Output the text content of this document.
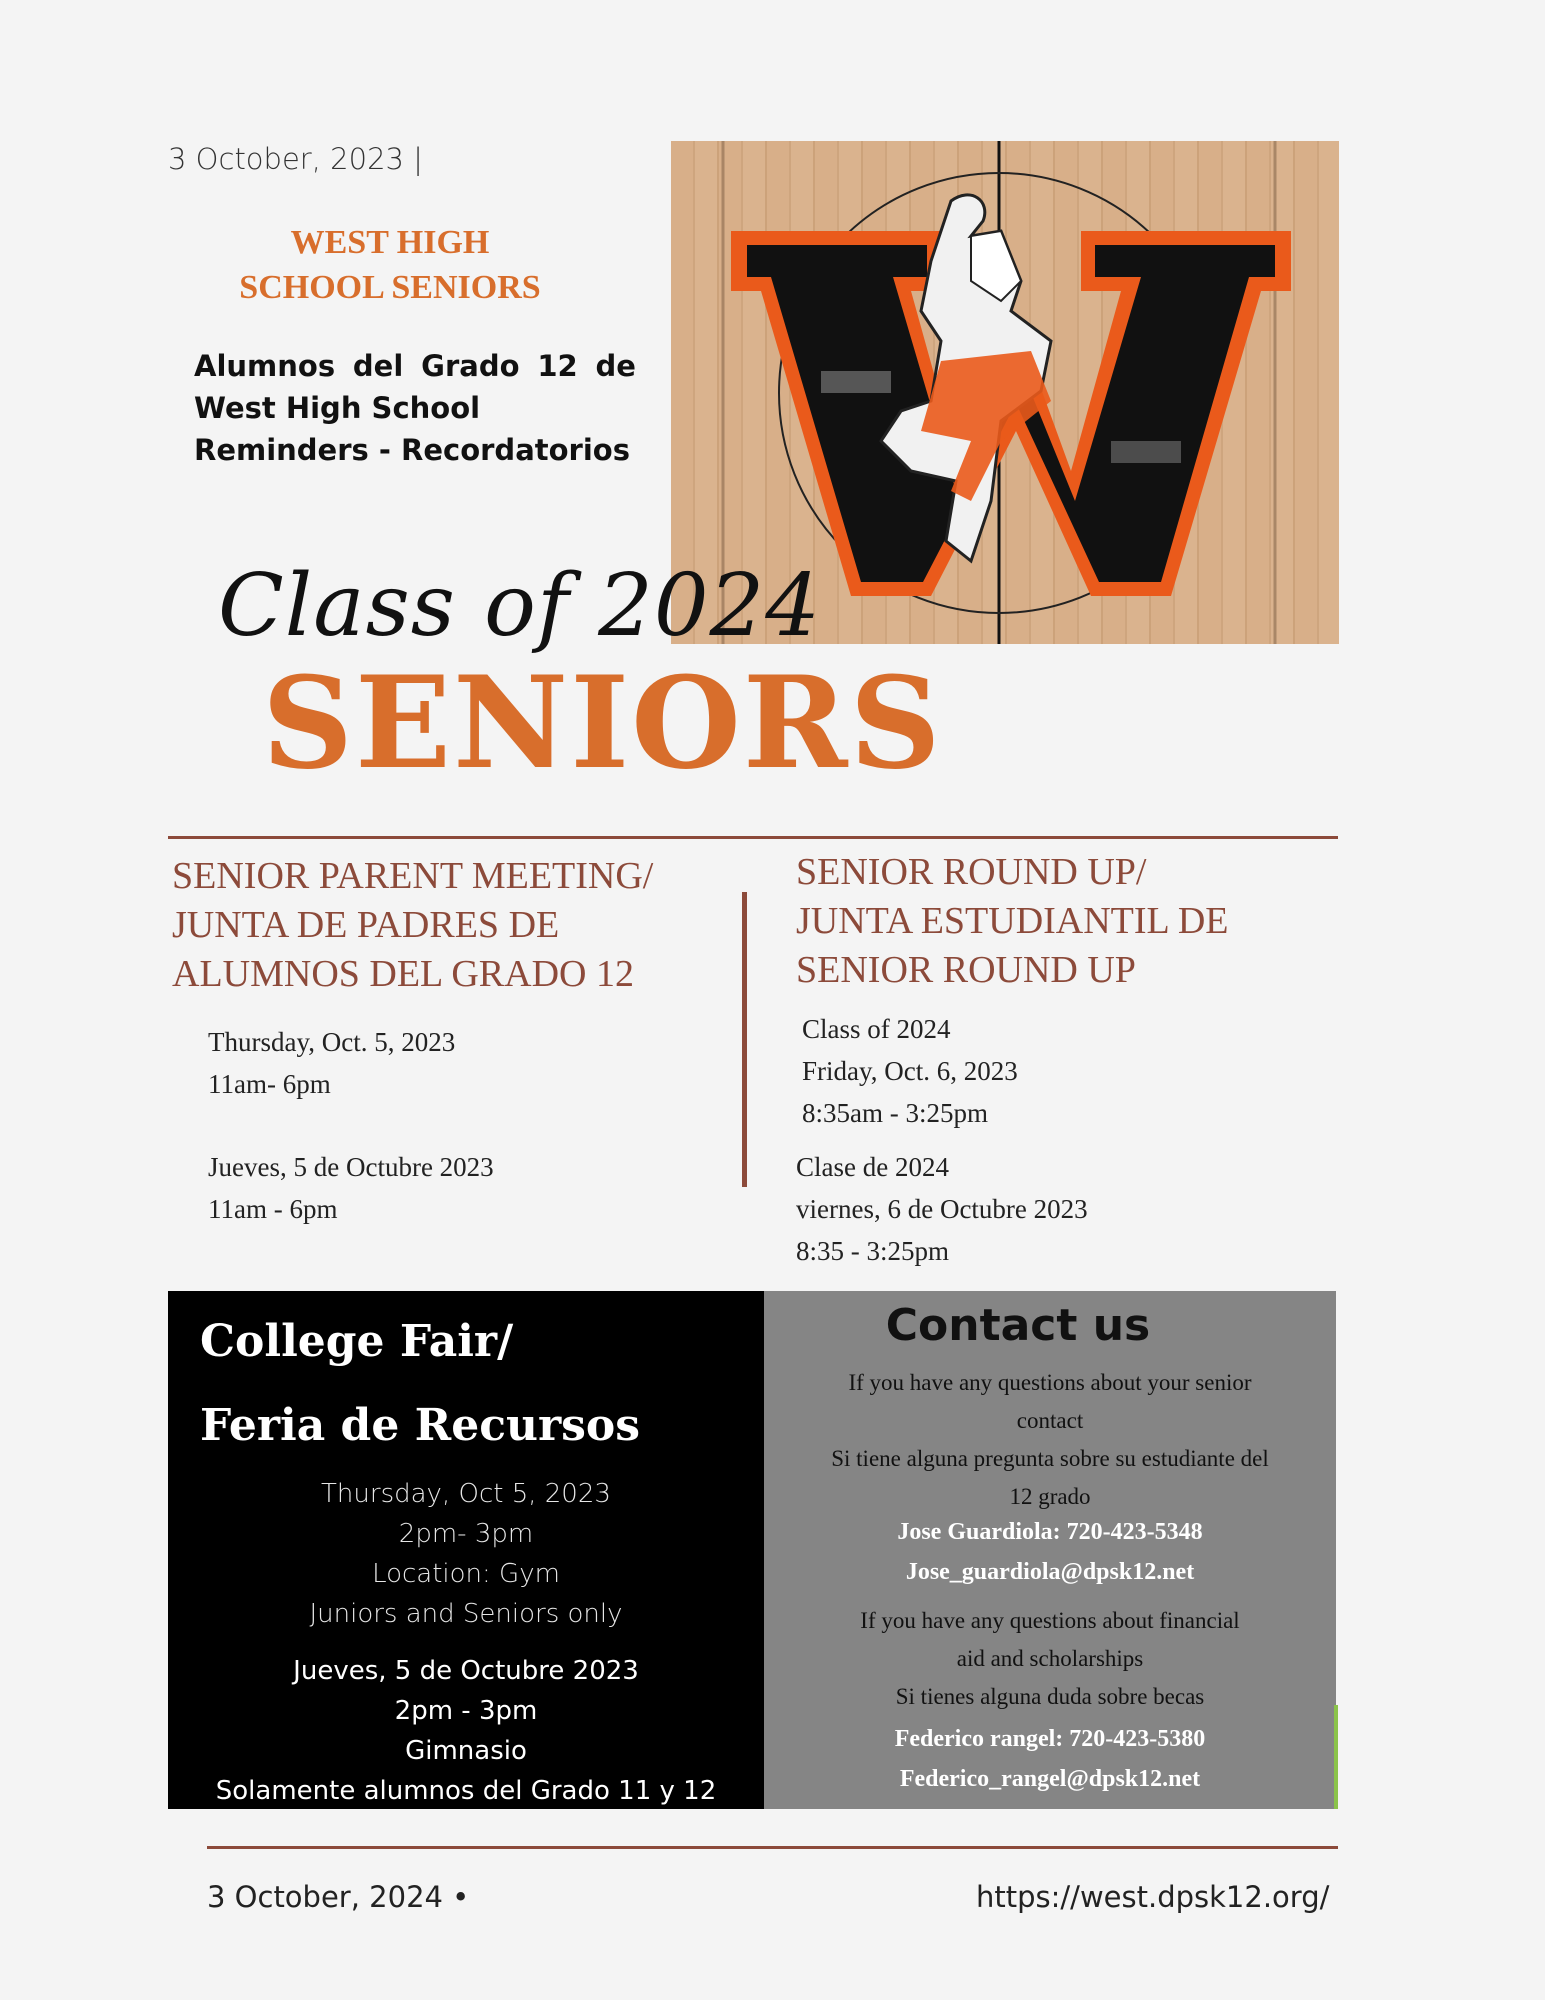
3 October, 2023 |
WEST HIGH
SCHOOL SENIORS
Alumnos del Grado 12 de
West High School
Reminders - Recordatorios
Class of 2024
SENIORS
SENIOR PARENT MEETING/
JUNTA DE PADRES DE
ALUMNOS DEL GRADO 12
Thursday, Oct. 5, 2023
11am- 6pm
Jueves, 5 de Octubre 2023
11am - 6pm
SENIOR ROUND UP/
JUNTA ESTUDIANTIL DE
SENIOR ROUND UP
Class of 2024
Friday, Oct. 6, 2023
8:35am - 3:25pm
Clase de 2024
viernes, 6 de Octubre 2023
8:35 - 3:25pm
College Fair/
Feria de Recursos
Thursday, Oct 5, 2023
2pm- 3pm
Location: Gym
Juniors and Seniors only
Jueves, 5 de Octubre 2023
2pm - 3pm
Gimnasio
Solamente alumnos del Grado 11 y 12
Contact us
If you have any questions about your senior
contact
Si tiene alguna pregunta sobre su estudiante del
12 grado
Jose Guardiola: 720-423-5348
Jose_guardiola@dpsk12.net
If you have any questions about financial
aid and scholarships
Si tienes alguna duda sobre becas
Federico rangel: 720-423-5380
Federico_rangel@dpsk12.net
3 October, 2024 •	https://west.dpsk12.org/
